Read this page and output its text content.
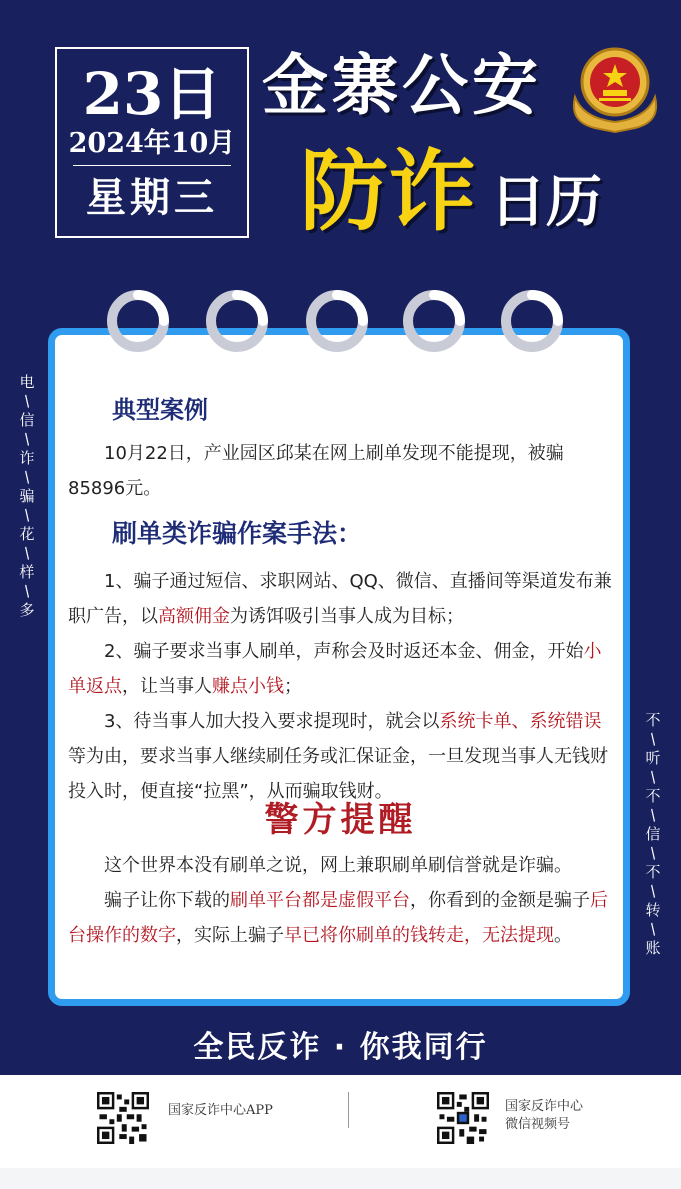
23日
2024年10月
星期三
金寨公安
防诈 日历
电
/
信
/
诈
/
骗
/
花
/
样
/
多
不
/
听
/
不
/
信
/
不
/
转
/
账
典型案例

10月22日，产业园区邱某在网上刷单发现不能提现，被骗85896元。

刷单类诈骗作案手法：

1、骗子通过短信、求职网站、QQ、微信、直播间等渠道发布兼职广告，以高额佣金为诱饵吸引当事人成为目标；

2、骗子要求当事人刷单，声称会及时返还本金、佣金，开始小单返点，让当事人赚点小钱；

3、待当事人加大投入要求提现时，就会以系统卡单、系统错误等为由，要求当事人继续刷任务或汇保证金，一旦发现当事人无钱财投入时，便直接“拉黑”，从而骗取钱财。

警方提醒

这个世界本没有刷单之说，网上兼职刷单刷信誉就是诈骗。

骗子让你下载的刷单平台都是虚假平台，你看到的金额是骗子后台操作的数字，实际上骗子早已将你刷单的钱转走，无法提现。

全民反诈 · 你我同行
国家反诈中心APP	国家反诈中心
微信视频号
